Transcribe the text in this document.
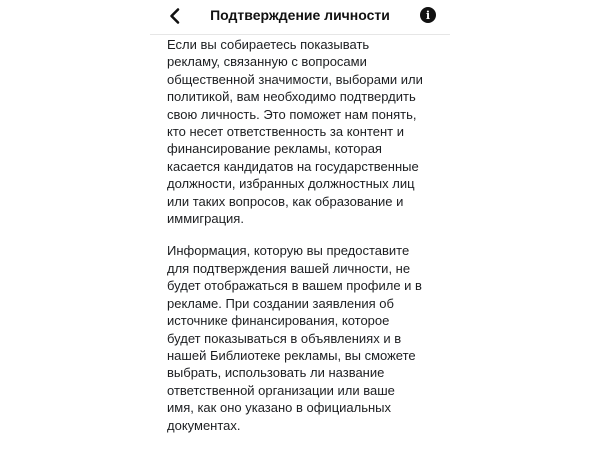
Подтверждение личности	i

Если вы собираетесь показывать
рекламу, связанную с вопросами
общественной значимости, выборами или
политикой, вам необходимо подтвердить
свою личность. Это поможет нам понять,
кто несет ответственность за контент и
финансирование рекламы, которая
касается кандидатов на государственные
должности, избранных должностных лиц
или таких вопросов, как образование и
иммиграция.

Информация, которую вы предоставите
для подтверждения вашей личности, не
будет отображаться в вашем профиле и в
рекламе. При создании заявления об
источнике финансирования, которое
будет показываться в объявлениях и в
нашей Библиотеке рекламы, вы сможете
выбрать, использовать ли название
ответственной организации или ваше
имя, как оно указано в официальных
документах.
